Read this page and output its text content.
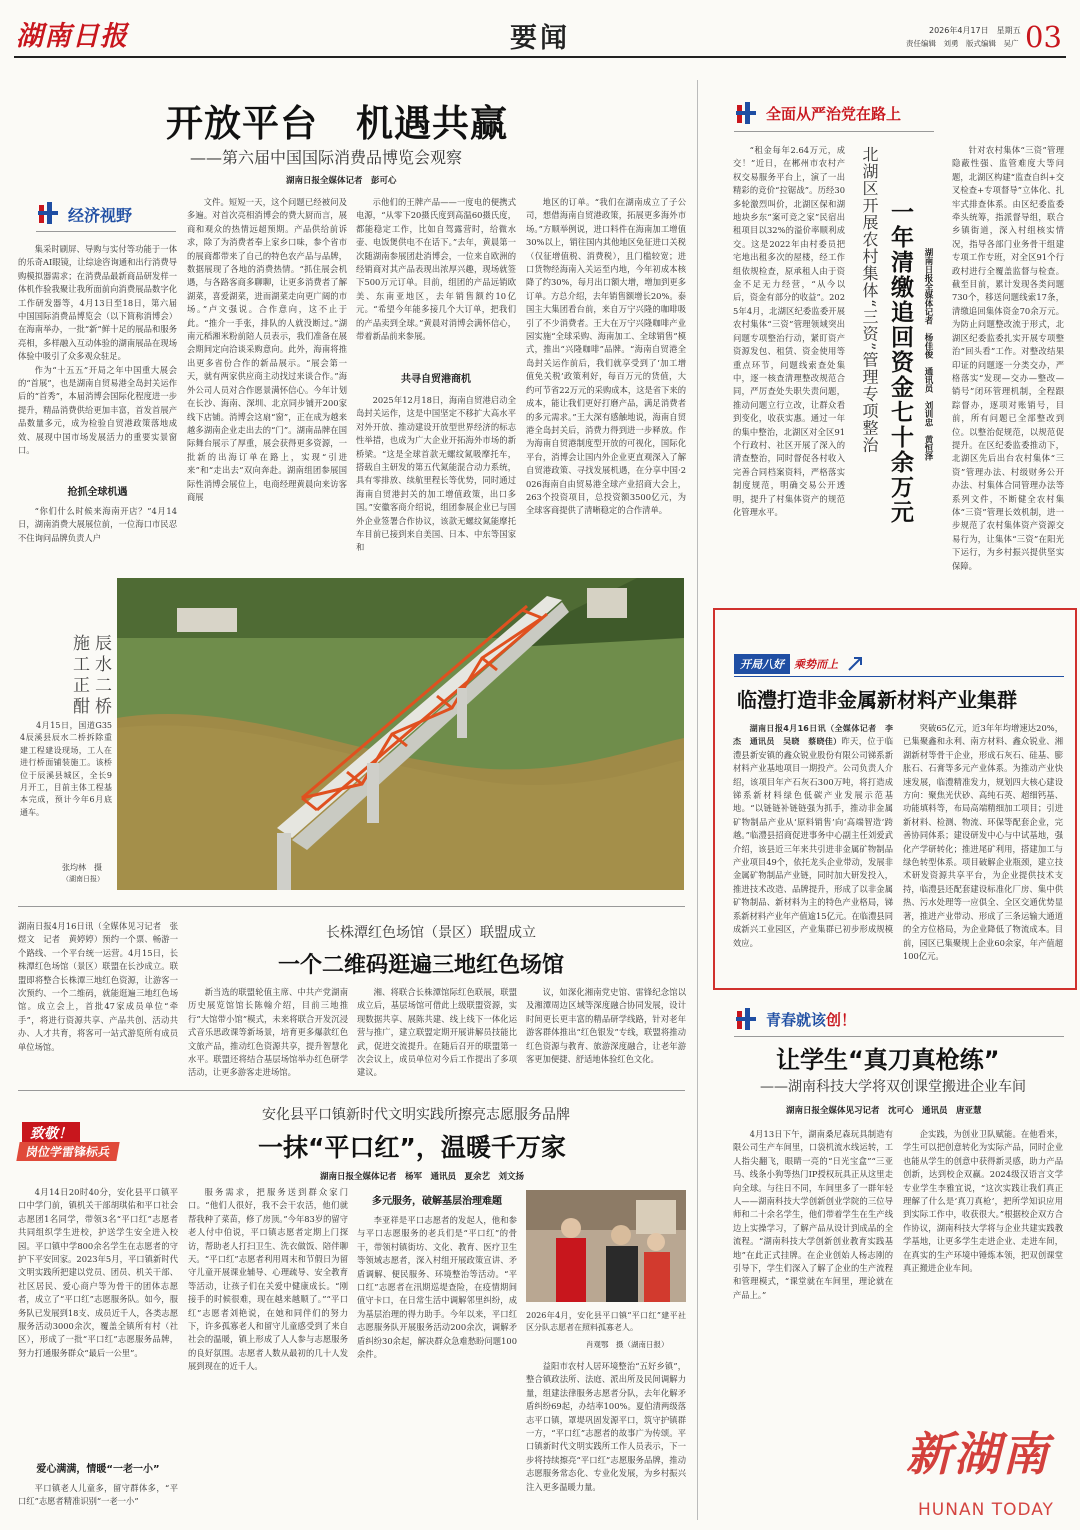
湖南日报	要闻	2026年4月17日　星期五
责任编辑　刘勇　版式编辑　吴广 03
开放平台　机遇共赢
——第六届中国国际消费品博览会观察
湖南日报全媒体记者　彭可心
经济视野

集采时刷屏、导购与实付等功能于一体的乐奇AI眼镜，让综途咨询通和出行消费导购模拟器需求；在消费品最新商品研发样一体机作验我聚让我所面前向消费展品数字化工作研发器等，4月13日至18日，第六届中国国际消费品博览会（以下简称消博会）在海南举办，一批“新”鲜十足的展品和服务亮相，多样融入互动体验的湖南展品在现场体验中吸引了众多观众驻足。

作为“十五五”开局之年中国重大展会的“首展”，也是湖南自贸易港全岛封关运作后的“首秀”，本届消博会国际化程度进一步提升，精品消费供给更加丰富，首发首展产品数量多元，成为检验自贸港政策落地成效、展现中国市场发展活力的重要实景窗口。

抢抓全球机遇

“你们什么时候来海南开店？”4月14日，湖南消费大展展位前，一位海口市民忍不住询问品牌负责人户

文件。短短一天，这个问题已经被问及多遍。对首次亮相消博会的费大厨而言，展商和观众的热情远超预期。产品供给前诉求，除了为消费者奉上家乡口味，参个省市的展商都带来了自己的特色农产品与品牌，数据展现了各地的消费热情。“抓住展会机遇，与各路客商多聊聊，让更多消费者了解湖菜，喜爱湖菜，进而湖菜走向更广阔的市场。”卢文强说。合作意向，这不止于此。“推介一手张，排队的人就没断过。”湖南元稻湘米粉前陪人员表示，我们准备在展会期间定向洽谈采购意向。此外，海南将推出更多省份合作的新品展示。“展会第一天，就有两家供应商主动找过来谈合作。”海外公司人员对合作愿景满怀信心。今年计划在长沙、海南、深圳、北京同步铺开200家线下店铺。消博会这扇“窗”，正在成为越来越多湖南企业走出去的“门”。湖南品牌在国际舞台展示了厚重，展会获得更多资源，一批新的出海订单在路上，实现“引进来”和“走出去”双向奔赴。湖南组团参展国际性消博会展位上，电商经理黄晨向来访客商展

示他们的王牌产品——一度电的便携式电源，“从零下20摄氏度到高温60摄氏度，都能稳定工作，比如自驾露营时，给微水壶、电饭煲供电不在话下。”去年，黄晨第一次随湖南参展团赴消博会，一位来自欧洲的经销商对其产品表现出浓厚兴趣，现场就签下500万元订单。目前，组团的产品远销欧美、东南亚地区，去年销售额约10亿元。“希望今年能多接几个大订单，把我们的产品卖到全球。”黄晨对消博会满怀信心，带着新品前来参展。

共寻自贸港商机

2025年12月18日，海南自贸港启动全岛封关运作，这是中国坚定不移扩大高水平对外开放、推动建设开放型世界经济的标志性举措，也成为广大企业开拓海外市场的新桥梁。“这是全球首款无螺纹氮吸摩托车，搭载自主研发的第五代氮能混合动力系统，具有零排放、续航里程长等优势，同时通过海南自贸港封关的加工增值政策，出口多国。”安徽客商介绍说，组团参展企业已与国外企业签署合作协议，该款无螺纹氮能摩托车目前已接到来自美国、日本、中东等国家和

地区的订单。“我们在湖南成立了子公司，想借海南自贸港政策，拓展更多海外市场。”方顺举例说，进口料件在海南加工增值30%以上，销往国内其他地区免征进口关税（仅征增值税、消费税），且门槛较宽；进口货物经海南入关运至内地，今年初成本核降了约30%，每月出口额大增，增加到更多订单。方总介绍，去年销售额增长20%。泰国主大集团看台前，来自万宁兴隆的咖啡吸引了不少消费者。王大在万宁兴隆咖啡产业园实施“全球采购、海南加工、全球销售”模式，推出“兴隆咖啡”品牌。“海南自贸港全岛封关运作前后，我们就享受到了‘加工增值免关税’政策利好，每百万元的货值，大约可节省22万元的采购成本，这是省下来的成本，能让我们更好打磨产品，满足消费者的多元需求。”王大深有感触地说，海南自贸港全岛封关后，消费力得到进一步释放。作为海南自贸港制度型开放的可视化，国际化平台，消博会让国内外企业更直观深入了解自贸港政策、寻找发展机遇，在分享中国·2026海南自由贸易港全球产业招商大会上，263个投资项目，总投资额3500亿元，为全球客商提供了清晰稳定的合作清单。

全面从严治党在路上

“租金每年2.64万元，成交！”近日，在郴州市农村产权交易服务平台上，演了一出精彩的竞价“拉锯战”。历经30多轮激烈叫价，北湖区保和湖地块乡东“案可竞之家”民宿出租项目以32%的溢价率顺利成交。这是2022年由村委员把宅地出租多次的屋楼，经工作组依规检查，原承租人由于资金不足无力经营，“从今以后，资金有部分的收益”。2025年4月，北湖区纪委监委开展农村集体“三资”管理领域突出问题专项整治行动，紧盯资产资源发包、租赁、资金使用等重点环节，问题线索查处集中，逐一核查清理整改规范合同，严厉查处失职失责问题，推动问题立行立改，让群众看到变化，收获实惠。通过一年的集中整治，北湖区对全区91个行政村、社区开展了深入的清查整治，同时督促各村收入完善合同档案资料，严格落实制度规范，明确交易公开透明，提升了村集体资产的规范化管理水平。

北湖区开展农村集体“三资”管理专项整治 一年清缴追回资金七十余万元	湖南日报全媒体记者　杨佳俊　通讯员　刘训忠　黄恒泽

针对农村集体“三资”管理隐蔽性强、监管难度大等问题，北湖区构建“监查自纠+交叉检查+专项督导”立体化、扎牢式排查体系。由区纪委监委牵头统筹，指派督导组，联合乡镇街道，深入村组核实情况，指导各部门业务骨干组建专项工作专班，对全区91个行政村进行全覆盖监督与检查。截至目前，累计发现各类问题730个，移送问题线索17条，清缴追回集体资金70余万元。为防止问题整改流于形式，北湖区纪委监委扎实开展专项整治“回头看”工作。对整改结果印证的问题逐一分类交办，严格落实“发现—交办—整改—销号”闭环管理机制，全程跟踪督办，逐项对账销号，目前，所有问题已全部整改到位。以整治促规范，以规范促提升。在区纪委监委推动下，北湖区先后出台农村集体“三资”管理办法、村级财务公开办法、村集体合同管理办法等系列文件，不断健全农村集体“三资”管理长效机制，进一步规范了农村集体资产资源交易行为，让集体“三资”在阳光下运行，为乡村振兴提供坚实保障。

开局八好 乘势而上
临澧打造非金属新材料产业集群

湖南日报4月16日讯（全媒体记者　李杰　通讯员　吴晓　蔡晓佳）昨天，位于临澧县新安镇的鑫众锐业股份有限公司锑系新材料产业基地项目一期投产。公司负责人介绍，该项目年产石灰石300万吨，将打造成锑系新材料绿色低碳产业发展示范基地。“以链链补链链强为抓手，推动非金属矿物制品产业从‘原料销售’向‘高端智造’跨越。”临澧县招商促进事务中心副主任刘爱武介绍，该县近三年来共引进非金属矿物制品产业项目49个，依托龙头企业带动，发展非金属矿物制品产业链，同时加大研发投入，推进技术改造、品牌提升，形成了以非金属矿物制品、新材料为主的特色产业格局，锑系新材料产业年产值逾15亿元。在临澧县同成新兴工业园区，产业集群已初步形成规模效应。

突破65亿元，近3年年均增速达20%，已集聚鑫和永利、南方材料、鑫众锐业、湘湖新材等骨干企业，形成石灰石、硅基、膨胀石、石膏等多元产业体系。为推动产业快速发展，临澧精准发力，规划四大核心建设方向：聚焦光伏砂、高纯石英、超细钙基、功能填料等，布局高端精细加工项目；引进新材料、检测、物流、环保等配套企业，完善协同体系；建设研发中心与中试基地，强化产学研转化；推进尾矿利用，搭建加工与绿色转型体系。项目破解企业瓶颈，建立技术研发资源共享平台，为企业提供技术支持，临澧县还配套建设标准化厂房、集中供热、污水处理等一应俱全、全区交通优势显著，推进产业带动、形成了三条运输大通道的全方位格局，为企业降低了物流成本。目前，园区已集聚规上企业60余家，年产值超100亿元。

辰水二桥施工正酣

4月15日，国道G354辰溪县辰水二桥拆除重建工程建设现场，工人在进行桥面铺装施工。该桥位于辰溪县城区，全长9月开工，目前主体工程基本完成，预计今年6月底通车。

张均林　摄
（湖南日报）

湖南日报4月16日讯（全媒体见习记者　张煜文　记者　黄婷婷）预约一个票、畅游一个路线、一个平台统一运营。4月15日，长株潭红色场馆（景区）联盟在长沙成立。联盟即将整合长株潭三地红色资源，让游客一次预约、一个二维码，就能逛遍三地红色场馆。成立会上，首批47家成员单位“牵手”，将进行资源共享、产品共创、活动共办、人才共育，将客可一站式游览所有成员单位场馆。

长株潭红色场馆（景区）联盟成立
一个二维码逛遍三地红色场馆

新当选的联盟轮值主席、中共产党湖南历史展览馆馆长陈翰介绍，目前三地推行“大馆带小馆”模式，未来将联合开发沉浸式音乐思政课等新场景，培育更多爆款红色文旅产品，推动红色资源共享，提升智慧化水平。联盟还将结合基层场馆举办红色研学活动，让更多游客走进场馆。

湘、将联合长株潭馆际红色联展，联盟成立后，基层场馆可借此上级联盟资源，实现数据共享、展陈共建、线上线下一体化运营与推广，建立联盟定期开展讲解员技能比武，促进交流提升。在随后召开的联盟第一次会议上，成员单位对今后工作提出了多项建议。

议，如深化湘南党史馆、雷锋纪念馆以及湘潭周边区域等深度融合协同发展，设计时间更长更丰富的精品研学线路，针对老年游客群体推出“红色银发”专线，联盟将推动红色资源与教育、旅游深度融合，让老年游客更加便捷、舒适地体验红色文化。

致敬！
岗位学雷锋标兵
安化县平口镇新时代文明实践所擦亮志愿服务品牌
一抹“平口红”，温暖千万家
湖南日报全媒体记者　杨军　通讯员　夏余艺　刘文扬

4月14日20时40分，安化县平口镇平口中学门前，镇机关干部胡琪佑和平口社会志愿团1名同学，带领3名“平口红”志愿者共同组织学生进校，护送学生安全进入校园。平口镇中学800余名学生在志愿者的守护下平安回家。2023年5月，平口镇新时代文明实践所把建以党员、团员、机关干部、社区居民、爱心商户等为骨干的团体志愿者，成立了“平口红”志愿服务队。如今，服务队已发展到18支、成员近千人，各类志愿服务活动3000余次，覆盖全镇所有村（社区），形成了一批“平口红”志愿服务品牌，努力打通服务群众“最后一公里”。

爱心满满，情暖“一老一小”

平口镇老人儿童多，留守群体多，“平口红”志愿者精准识别“一老一小”

服务需求，把服务送到群众家门口。“他们人很好，我不会干农活，他们就帮我种了菜苗，修了房顶。”今年83岁的留守老人付中伯说，平口镇志愿者定期上门探访，帮助老人打扫卫生、洗衣做饭、陪伴聊天。“平口红”志愿者利用周末和节假日为留守儿童开展课业辅导、心理疏导、安全教育等活动，让孩子们在关爱中健康成长。“刚接手的时候很难，现在越来越顺了。”“平口红”志愿者刘艳说，在她和同伴们的努力下，许多孤寡老人和留守儿童感受到了来自社会的温暖，镇上形成了人人参与志愿服务的良好氛围。志愿者人数从最初的几十人发展到现在的近千人。

多元服务，破解基层治理难题

李亚祥是平口志愿者的发起人，他和参与平口志愿服务的老兵们是“平口红”的骨干，带领村镇街坊、文化、教育、医疗卫生等领域志愿者，深入村组开展政策宣讲、矛盾调解、便民服务、环境整治等活动。“平口红”志愿者在汛期巡堤查险，在疫情期间值守卡口，在日常生活中调解邻里纠纷，成为基层治理的得力助手。今年以来，平口红志愿服务队开展服务活动200余次，调解矛盾纠纷30余起，解决群众急难愁盼问题100余件。

2026年4月，安化县平口镇“平口红”建平社区分队志愿者在照料孤寡老人。

肖观鄂　摄（湖南日报）

益阳市农村人居环境整治“五好乡镇”，整合镇政法所、法庭、派出所及民间调解力量，组建法律服务志愿者分队，去年化解矛盾纠纷69起，办结率100%。夏伯清两级落志平口镇，罩堤巩固发源平口，筑守护镇群一方，“平口红”志愿者的故事广为传颂。平口镇新时代文明实践所工作人员表示，下一步将持续擦亮“平口红”志愿服务品牌，推动志愿服务常态化、专业化发展，为乡村振兴注入更多温暖力量。

青春就该创！
让学生“真刀真枪练”
——湖南科技大学将双创课堂搬进企业车间
湖南日报全媒体见习记者　沈可心　通讯员　唐亚慧

4月13日下午，湖南桑尼森玩具制造有限公司生产车间里，口袋机流水线运转，工人指尖翻飞，眼睛一亮的“日光宝盒”“三亚马、线条小狗等热门IP授权玩具正从这里走向全球。与往日不同，车间里多了一群年轻人——湖南科技大学创新创业学院的三位导师和二十余名学生，他们带着学生在生产线边上实操学习，了解产品从设计到成品的全流程。“湖南科技大学创新创业教育实践基地”在此正式挂牌。在企业创始人杨志刚的引导下，学生们深入了解了企业的生产流程和管理模式，“课堂就在车间里，理论就在产品上。”

企实践，为创业卫队赋能。在他看来，学生可以把创意转化为实际产品，同时企业也能从学生的创意中获得新灵感，助力产品创新，达到校企双赢。2024级汉语言文学专业学生李雅宜说，“这次实践让我们真正理解了什么是‘真刀真枪’，把所学知识应用到实际工作中，收获很大。”根据校企双方合作协议，湖南科技大学将与企业共建实践教学基地，让更多学生走进企业、走进车间，在真实的生产环境中锤炼本领，把双创课堂真正搬进企业车间。

新湖南
HUNAN TODAY
